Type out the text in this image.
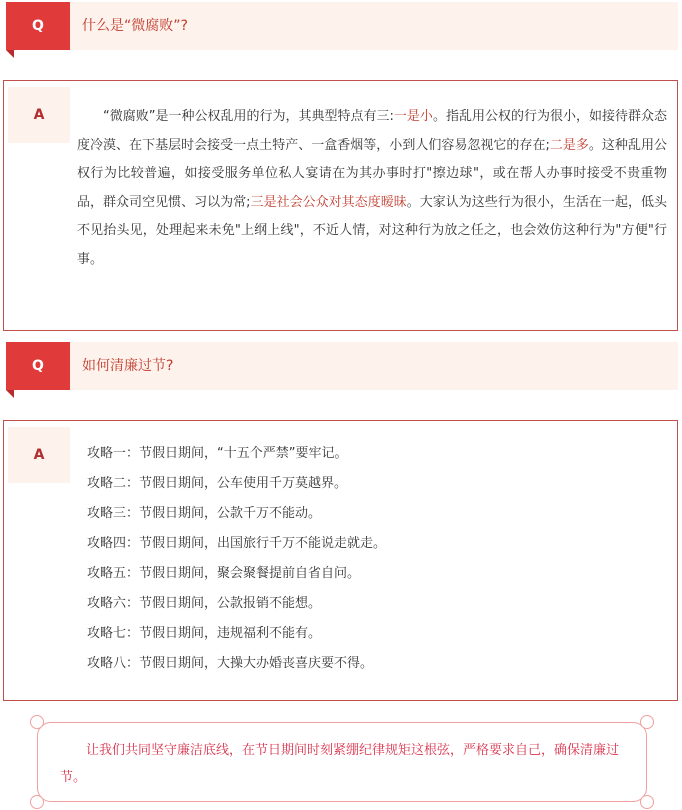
Q	什么是“微腐败”?
A	　　“微腐败”是一种公权乱用的行为，其典型特点有三:一是小。指乱用公权的行为很小，如接待群众态度冷漠、在下基层时会接受一点土特产、一盒香烟等，小到人们容易忽视它的存在;二是多。这种乱用公权行为比较普遍，如接受服务单位私人宴请在为其办事时打"擦边球"，或在帮人办事时接受不贵重物品，群众司空见惯、习以为常;三是社会公众对其态度暧昧。大家认为这些行为很小，生活在一起，低头不见抬头见，处理起来未免"上纲上线"，不近人情，对这种行为放之任之，也会效仿这种行为"方便"行事。

Q	如何清廉过节?
A	攻略一：节假日期间，“十五个严禁”要牢记。
攻略二：节假日期间，公车使用千万莫越界。
攻略三：节假日期间，公款千万不能动。
攻略四：节假日期间，出国旅行千万不能说走就走。
攻略五：节假日期间，聚会聚餐提前自省自问。
攻略六：节假日期间，公款报销不能想。
攻略七：节假日期间，违规福利不能有。
攻略八：节假日期间，大操大办婚丧喜庆要不得。

让我们共同坚守廉洁底线，在节日期间时刻紧绷纪律规矩这根弦，严格要求自己，确保清廉过节。
